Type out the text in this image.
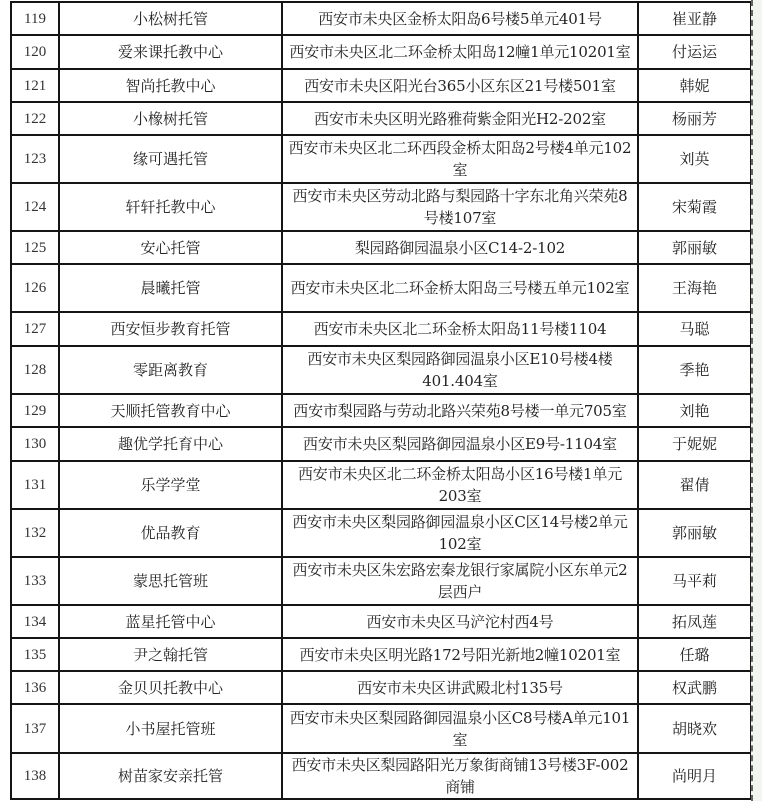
119	小松树托管	西安市未央区金桥太阳岛6号楼5单元401号	崔亚静
120	爱来课托教中心	西安市未央区北二环金桥太阳岛12幢1单元10201室	付运运
121	智尚托教中心	西安市未央区阳光台365小区东区21号楼501室	韩妮
122	小橡树托管	西安市未央区明光路雅荷紫金阳光H2-202室	杨丽芳
123	缘可遇托管	西安市未央区北二环西段金桥太阳岛2号楼4单元102室	刘英
124	轩轩托教中心	西安市未央区劳动北路与梨园路十字东北角兴荣苑8号楼107室	宋菊霞
125	安心托管	梨园路御园温泉小区C14-2-102	郭丽敏
126	晨曦托管	西安市未央区北二环金桥太阳岛三号楼五单元102室	王海艳
127	西安恒步教育托管	西安市未央区北二环金桥太阳岛11号楼1104	马聪
128	零距离教育	西安市未央区梨园路御园温泉小区E10号楼4楼401.404室	季艳
129	天顺托管教育中心	西安市梨园路与劳动北路兴荣苑8号楼一单元705室	刘艳
130	趣优学托育中心	西安市未央区梨园路御园温泉小区E9号-1104室	于妮妮
131	乐学学堂	西安市未央区北二环金桥太阳岛小区16号楼1单元203室	翟倩
132	优品教育	西安市未央区梨园路御园温泉小区C区14号楼2单元102室	郭丽敏
133	蒙思托管班	西安市未央区朱宏路宏秦龙银行家属院小区东单元2层西户	马平莉
134	蓝星托管中心	西安市未央区马浐沱村西4号	拓凤莲
135	尹之翰托管	西安市未央区明光路172号阳光新地2幢10201室	任璐
136	金贝贝托教中心	西安市未央区讲武殿北村135号	权武鹏
137	小书屋托管班	西安市未央区梨园路御园温泉小区C8号楼A单元101室	胡晓欢
138	树苗家安亲托管	西安市未央区梨园路阳光万象街商铺13号楼3F-002商铺	尚明月
